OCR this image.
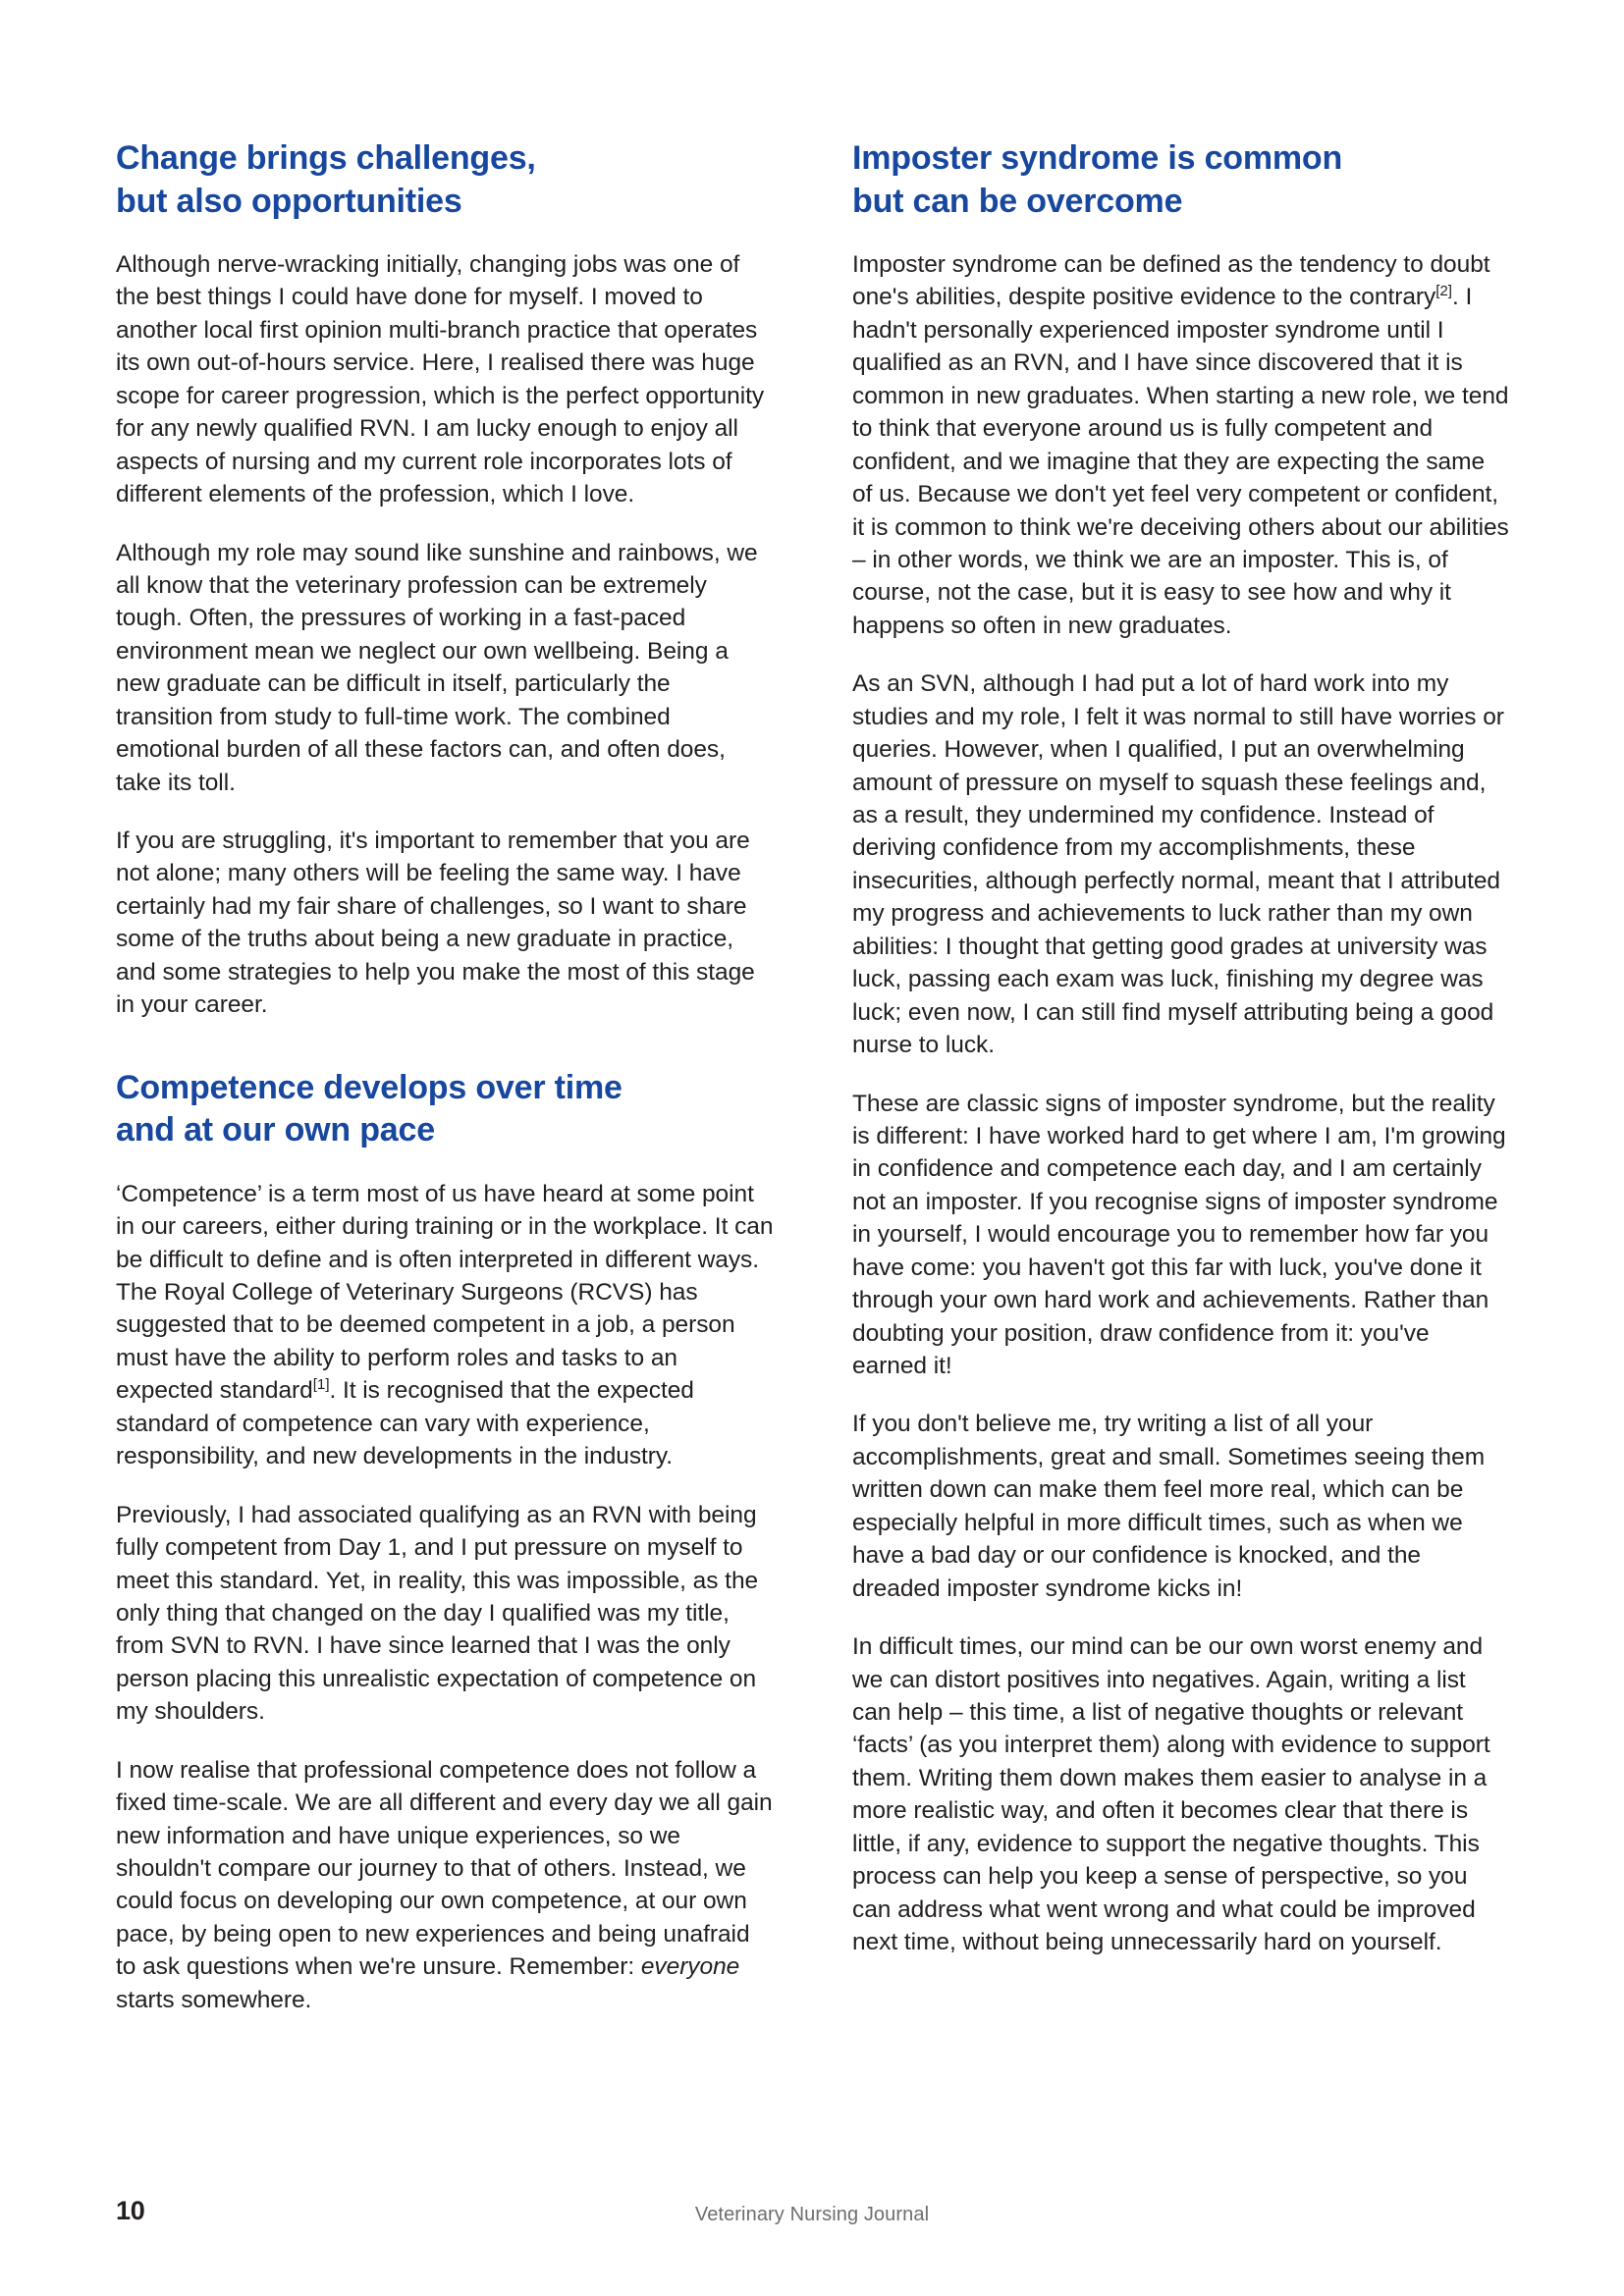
Change brings challenges,
but also opportunities

Although nerve-wracking initially, changing jobs was one of the best things I could have done for myself. I moved to another local first opinion multi-branch practice that operates its own out-of-hours service. Here, I realised there was huge scope for career progression, which is the perfect opportunity for any newly qualified RVN. I am lucky enough to enjoy all aspects of nursing and my current role incorporates lots of different elements of the profession, which I love.

Although my role may sound like sunshine and rainbows, we all know that the veterinary profession can be extremely tough. Often, the pressures of working in a fast-paced environment mean we neglect our own wellbeing. Being a new graduate can be difficult in itself, particularly the transition from study to full-time work. The combined emotional burden of all these factors can, and often does, take its toll.

If you are struggling, it's important to remember that you are not alone; many others will be feeling the same way. I have certainly had my fair share of challenges, so I want to share some of the truths about being a new graduate in practice, and some strategies to help you make the most of this stage in your career.

Competence develops over time
and at our own pace

‘Competence’ is a term most of us have heard at some point in our careers, either during training or in the workplace. It can be difficult to define and is often interpreted in different ways. The Royal College of Veterinary Surgeons (RCVS) has suggested that to be deemed competent in a job, a person must have the ability to perform roles and tasks to an expected standard[1]. It is recognised that the expected standard of competence can vary with experience, responsibility, and new developments in the industry.

Previously, I had associated qualifying as an RVN with being fully competent from Day 1, and I put pressure on myself to meet this standard. Yet, in reality, this was impossible, as the only thing that changed on the day I qualified was my title, from SVN to RVN. I have since learned that I was the only person placing this unrealistic expectation of competence on my shoulders.

I now realise that professional competence does not follow a fixed time-scale. We are all different and every day we all gain new information and have unique experiences, so we shouldn't compare our journey to that of others. Instead, we could focus on developing our own competence, at our own pace, by being open to new experiences and being unafraid to ask questions when we're unsure. Remember: everyone starts somewhere.

Imposter syndrome is common
but can be overcome

Imposter syndrome can be defined as the tendency to doubt one's abilities, despite positive evidence to the contrary[2]. I hadn't personally experienced imposter syndrome until I qualified as an RVN, and I have since discovered that it is common in new graduates. When starting a new role, we tend to think that everyone around us is fully competent and confident, and we imagine that they are expecting the same of us. Because we don't yet feel very competent or confident, it is common to think we're deceiving others about our abilities – in other words, we think we are an imposter. This is, of course, not the case, but it is easy to see how and why it happens so often in new graduates.

As an SVN, although I had put a lot of hard work into my studies and my role, I felt it was normal to still have worries or queries. However, when I qualified, I put an overwhelming amount of pressure on myself to squash these feelings and, as a result, they undermined my confidence. Instead of deriving confidence from my accomplishments, these insecurities, although perfectly normal, meant that I attributed my progress and achievements to luck rather than my own abilities: I thought that getting good grades at university was luck, passing each exam was luck, finishing my degree was luck; even now, I can still find myself attributing being a good nurse to luck.

These are classic signs of imposter syndrome, but the reality is different: I have worked hard to get where I am, I'm growing in confidence and competence each day, and I am certainly not an imposter. If you recognise signs of imposter syndrome in yourself, I would encourage you to remember how far you have come: you haven't got this far with luck, you've done it through your own hard work and achievements. Rather than doubting your position, draw confidence from it: you've earned it!

If you don't believe me, try writing a list of all your accomplishments, great and small. Sometimes seeing them written down can make them feel more real, which can be especially helpful in more difficult times, such as when we have a bad day or our confidence is knocked, and the dreaded imposter syndrome kicks in!

In difficult times, our mind can be our own worst enemy and we can distort positives into negatives. Again, writing a list can help – this time, a list of negative thoughts or relevant ‘facts’ (as you interpret them) along with evidence to support them. Writing them down makes them easier to analyse in a more realistic way, and often it becomes clear that there is little, if any, evidence to support the negative thoughts. This process can help you keep a sense of perspective, so you can address what went wrong and what could be improved next time, without being unnecessarily hard on yourself.

10	Veterinary Nursing Journal
